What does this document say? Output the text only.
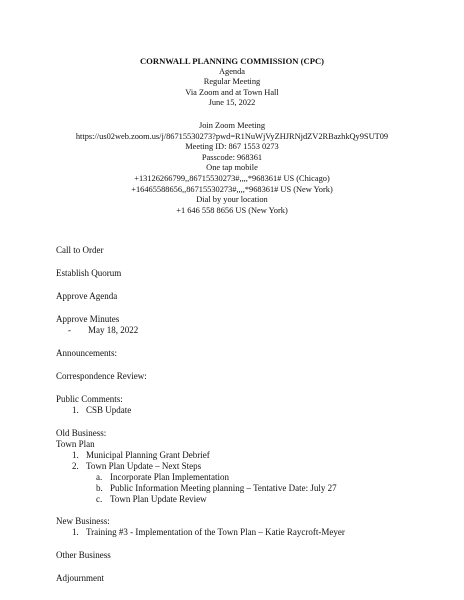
CORNWALL PLANNING COMMISSION (CPC)
Agenda
Regular Meeting
Via Zoom and at Town Hall
June 15, 2022
Join Zoom Meeting
https://us02web.zoom.us/j/86715530273?pwd=R1NuWjVyZHJRNjdZV2RBazhkQy9SUT09
Meeting ID: 867 1553 0273
Passcode: 968361
One tap mobile
+13126266799,,86715530273#,,,,*968361# US (Chicago)
+16465588656,,86715530273#,,,,*968361# US (New York)
Dial by your location
+1 646 558 8656 US (New York)
Call to Order
Establish Quorum
Approve Agenda
Approve Minutes
- May 18, 2022
Announcements:
Correspondence Review:
Public Comments:
1. CSB Update
Old Business:
Town Plan
1. Municipal Planning Grant Debrief
2. Town Plan Update – Next Steps
a. Incorporate Plan Implementation
b. Public Information Meeting planning – Tentative Date: July 27
c. Town Plan Update Review
New Business:
1. Training #3 - Implementation of the Town Plan – Katie Raycroft-Meyer
Other Business
Adjournment
